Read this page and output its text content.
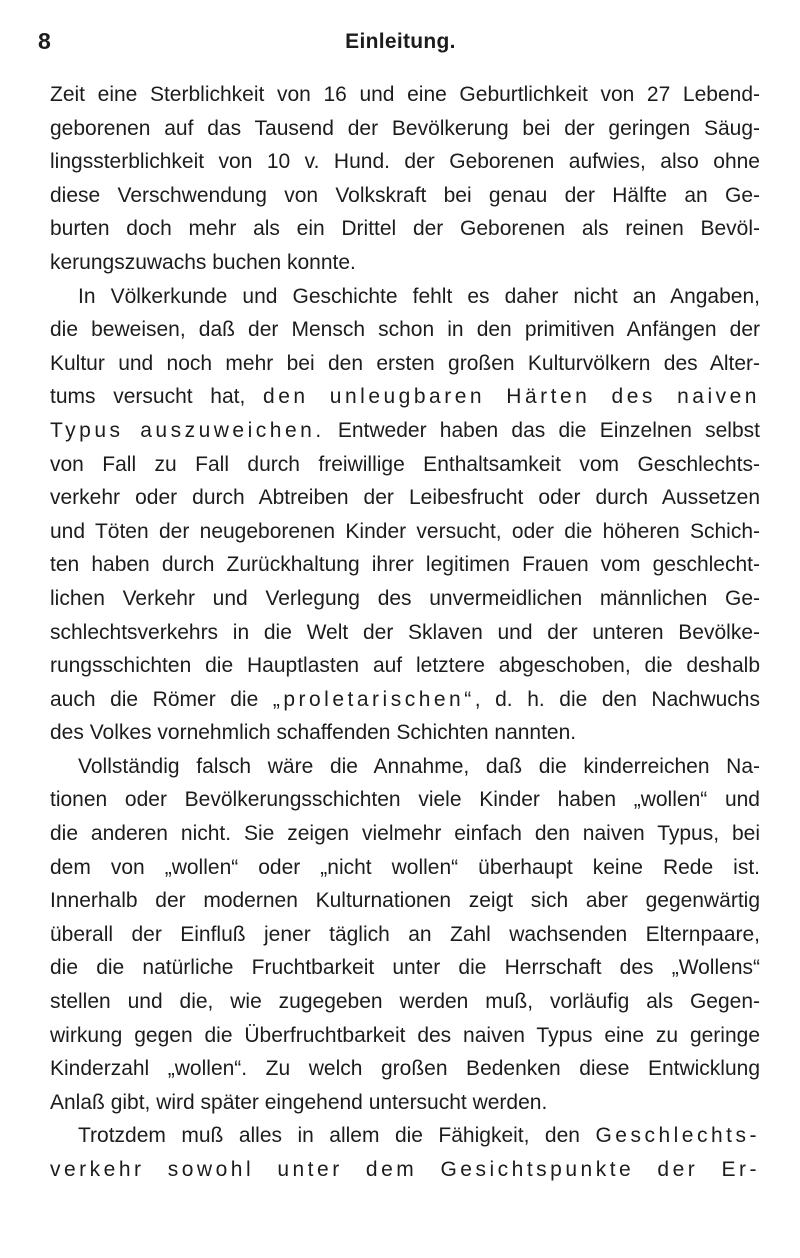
8	Einleitung.
Zeit eine Sterblichkeit von 16 und eine Geburtlichkeit von 27 Lebend-
geborenen auf das Tausend der Bevölkerung bei der geringen Säug-
lingssterblichkeit von 10 v. Hund. der Geborenen aufwies, also ohne
diese Verschwendung von Volkskraft bei genau der Hälfte an Ge-
burten doch mehr als ein Drittel der Geborenen als reinen Bevöl-
kerungszuwachs buchen konnte.
In Völkerkunde und Geschichte fehlt es daher nicht an Angaben,
die beweisen, daß der Mensch schon in den primitiven Anfängen der
Kultur und noch mehr bei den ersten großen Kulturvölkern des Alter-
tums versucht hat, den unleugbaren Härten des naiven
Typus auszuweichen. Entweder haben das die Einzelnen selbst
von Fall zu Fall durch freiwillige Enthaltsamkeit vom Geschlechts-
verkehr oder durch Abtreiben der Leibesfrucht oder durch Aussetzen
und Töten der neugeborenen Kinder versucht, oder die höheren Schich-
ten haben durch Zurückhaltung ihrer legitimen Frauen vom geschlecht-
lichen Verkehr und Verlegung des unvermeidlichen männlichen Ge-
schlechtsverkehrs in die Welt der Sklaven und der unteren Bevölke-
rungsschichten die Hauptlasten auf letztere abgeschoben, die deshalb
auch die Römer die „proletarischen“, d. h. die den Nachwuchs
des Volkes vornehmlich schaffenden Schichten nannten.
Vollständig falsch wäre die Annahme, daß die kinderreichen Na-
tionen oder Bevölkerungsschichten viele Kinder haben „wollen“ und
die anderen nicht. Sie zeigen vielmehr einfach den naiven Typus, bei
dem von „wollen“ oder „nicht wollen“ überhaupt keine Rede ist.
Innerhalb der modernen Kulturnationen zeigt sich aber gegenwärtig
überall der Einfluß jener täglich an Zahl wachsenden Elternpaare,
die die natürliche Fruchtbarkeit unter die Herrschaft des „Wollens“
stellen und die, wie zugegeben werden muß, vorläufig als Gegen-
wirkung gegen die Überfruchtbarkeit des naiven Typus eine zu geringe
Kinderzahl „wollen“. Zu welch großen Bedenken diese Entwicklung
Anlaß gibt, wird später eingehend untersucht werden.
Trotzdem muß alles in allem die Fähigkeit, den Geschlechts-
verkehr sowohl unter dem Gesichtspunkte der Er-
